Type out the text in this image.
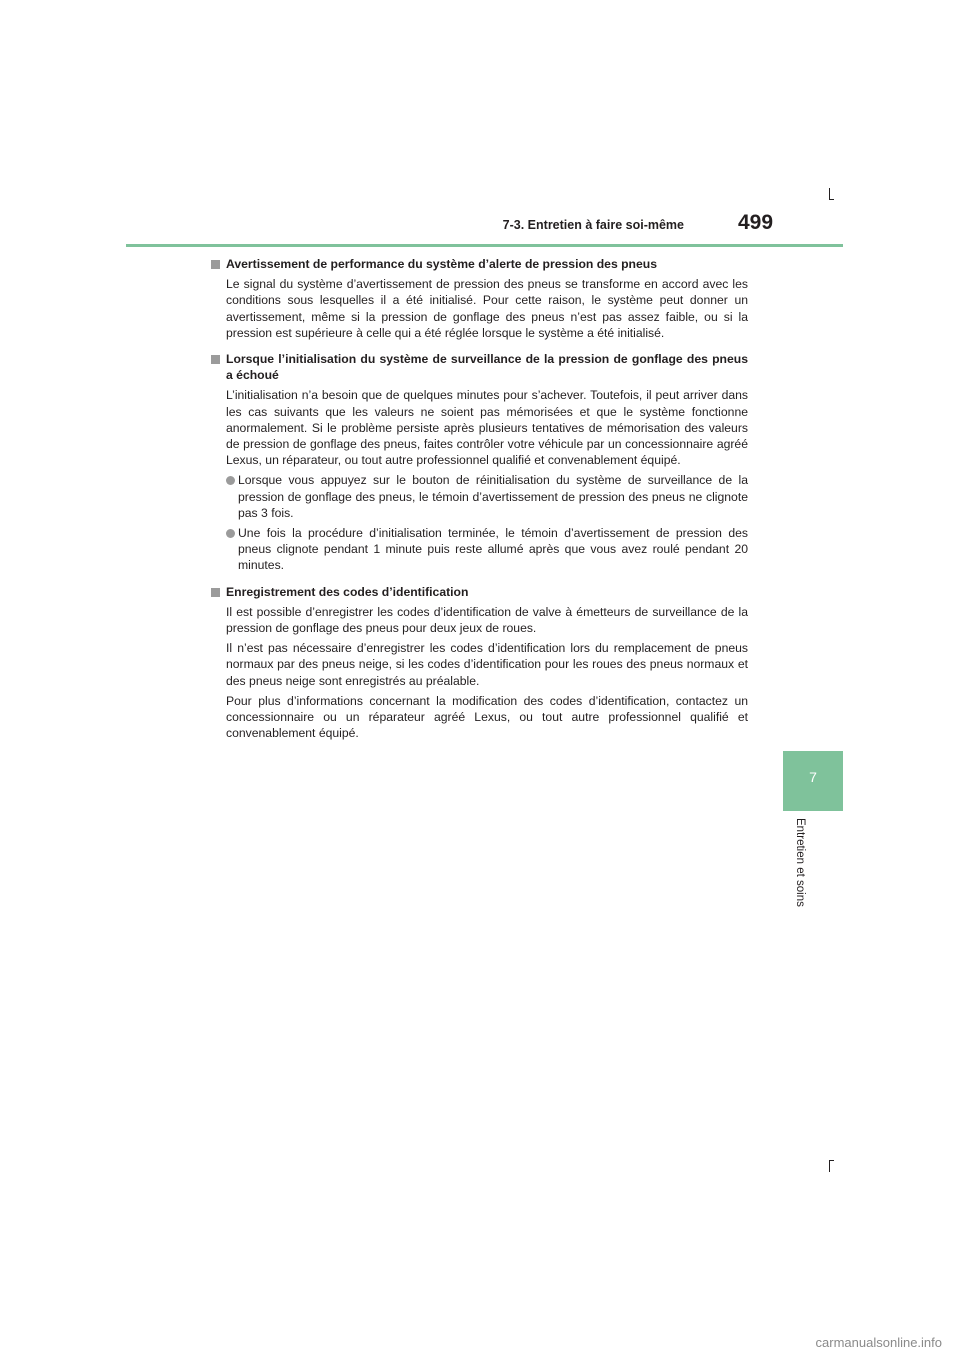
7-3. Entretien à faire soi-même	499
7
Entretien et soins
Avertissement de performance du système d’alerte de pression des pneus

Le signal du système d’avertissement de pression des pneus se transforme en accord avec les conditions sous lesquelles il a été initialisé. Pour cette raison, le système peut donner un avertissement, même si la pression de gonflage des pneus n’est pas assez faible, ou si la pression est supérieure à celle qui a été réglée lorsque le système a été initialisé.

Lorsque l’initialisation du système de surveillance de la pression de gonflage des pneus a échoué

L’initialisation n’a besoin que de quelques minutes pour s’achever. Toutefois, il peut arriver dans les cas suivants que les valeurs ne soient pas mémorisées et que le système fonctionne anormalement. Si le problème persiste après plusieurs tentatives de mémorisation des valeurs de pression de gonflage des pneus, faites contrôler votre véhicule par un concessionnaire agréé Lexus, un réparateur, ou tout autre professionnel qualifié et convenablement équipé.

Lorsque vous appuyez sur le bouton de réinitialisation du système de surveillance de la pression de gonflage des pneus, le témoin d’avertissement de pression des pneus ne clignote pas 3 fois.
Une fois la procédure d’initialisation terminée, le témoin d’avertissement de pression des pneus clignote pendant 1 minute puis reste allumé après que vous avez roulé pendant 20 minutes.
Enregistrement des codes d’identification

Il est possible d’enregistrer les codes d’identification de valve à émetteurs de surveillance de la pression de gonflage des pneus pour deux jeux de roues.

Il n’est pas nécessaire d’enregistrer les codes d’identification lors du remplacement de pneus normaux par des pneus neige, si les codes d’identification pour les roues des pneus normaux et des pneus neige sont enregistrés au préalable.

Pour plus d’informations concernant la modification des codes d’identification, contactez un concessionnaire ou un réparateur agréé Lexus, ou tout autre professionnel qualifié et convenablement équipé.

carmanualsonline.info
